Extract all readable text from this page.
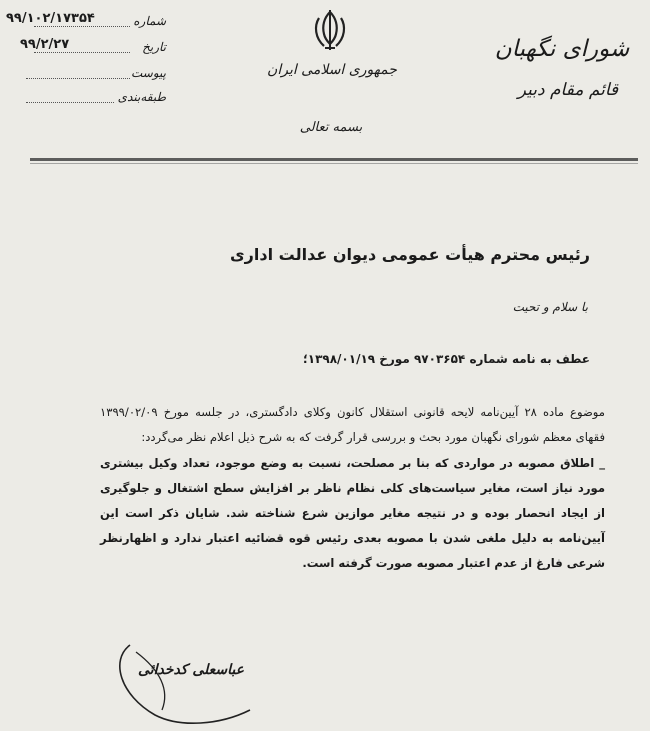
۹۹/۱۰۲/۱۷۳۵۴	شماره
۹۹/۲/۲۷	تاریخ
پیوست
طبقه‌بندی
جمهوری اسلامی ایران
بسمه تعالی
شورای نگهبان
قائم مقام دبیر
رئیس محترم هیأت عمومی دیوان عدالت اداری
با سلام و تحیت
عطف به نامه شماره ۹۷۰۳۶۵۴ مورخ ۱۳۹۸/۰۱/۱۹؛

موضوع ماده ۲۸ آیین‌نامه لایحه قانونی استقلال کانون وکلای دادگستری، در جلسه مورخ ۱۳۹۹/۰۲/۰۹ فقهای معظم شورای نگهبان مورد بحث و بررسی قرار گرفت که به شرح ذیل اعلام نظر می‌گردد:

_ اطلاق مصوبه در مواردی که بنا بر مصلحت، نسبت به وضع موجود، تعداد وکیل بیشتری مورد نیاز است، مغایر سیاست‌های کلی نظام ناظر بر افزایش سطح اشتغال و جلوگیری از ایجاد انحصار بوده و در نتیجه مغایر موازین شرع شناخته شد. شایان ذکر است این آیین‌نامه به دلیل ملغی شدن با مصوبه بعدی رئیس قوه قضائیه اعتبار ندارد و اظهارنظر شرعی فارغ از عدم اعتبار مصوبه صورت گرفته است.

عباسعلی کدخدائی
